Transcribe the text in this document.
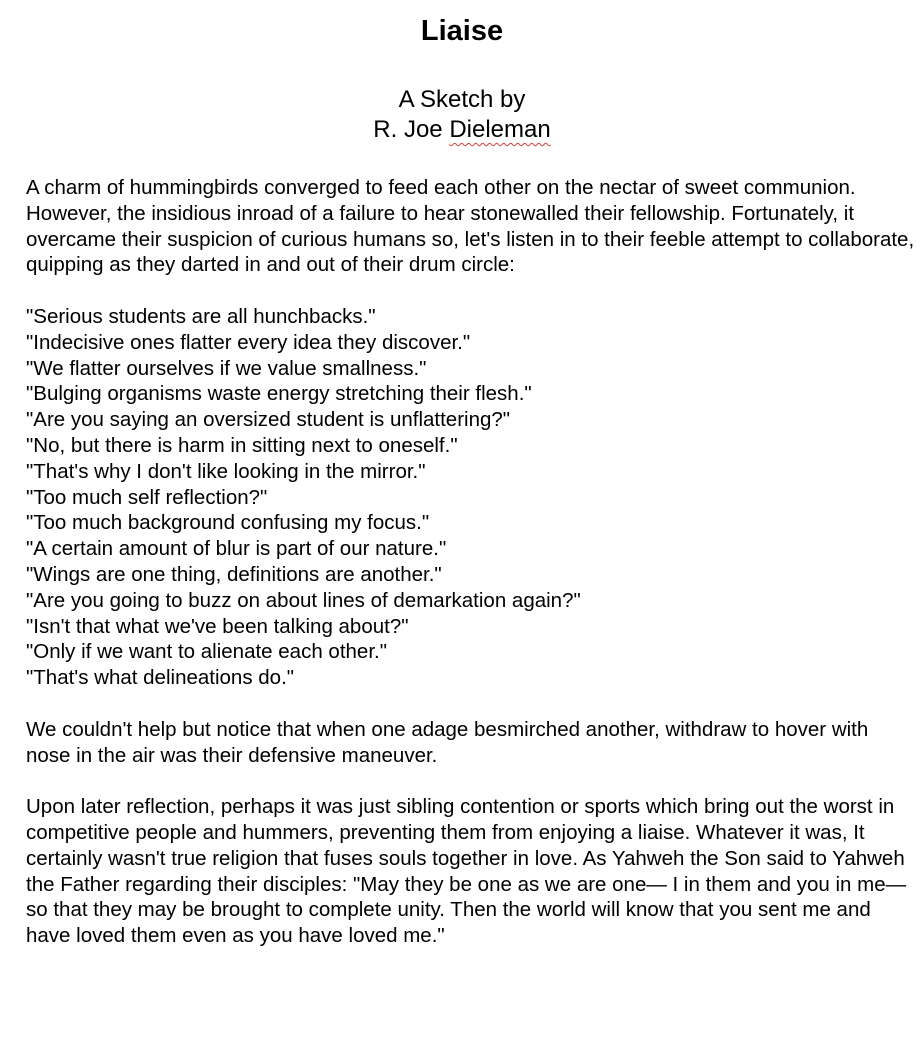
Liaise
A Sketch by
R. Joe Dieleman

A charm of hummingbirds converged to feed each other on the nectar of sweet communion. However, the insidious inroad of a failure to hear stonewalled their fellowship. Fortunately, it overcame their suspicion of curious humans so, let's listen in to their feeble attempt to collaborate, quipping as they darted in and out of their drum circle:

"Serious students are all hunchbacks."

"Indecisive ones flatter every idea they discover."

"We flatter ourselves if we value smallness."

"Bulging organisms waste energy stretching their flesh."

"Are you saying an oversized student is unflattering?"

"No, but there is harm in sitting next to oneself."

"That's why I don't like looking in the mirror."

"Too much self reflection?"

"Too much background confusing my focus."

"A certain amount of blur is part of our nature."

"Wings are one thing, definitions are another."

"Are you going to buzz on about lines of demarkation again?"

"Isn't that what we've been talking about?"

"Only if we want to alienate each other."

"That's what delineations do."

We couldn't help but notice that when one adage besmirched another, withdraw to hover with nose in the air was their defensive maneuver.

Upon later reflection, perhaps it was just sibling contention or sports which bring out the worst in competitive people and hummers, preventing them from enjoying a liaise. Whatever it was, It certainly wasn't true religion that fuses souls together in love. As Yahweh the Son said to Yahweh the Father regarding their disciples: "May they be one as we are one— I in them and you in me—so that they may be brought to complete unity. Then the world will know that you sent me and have loved them even as you have loved me."
